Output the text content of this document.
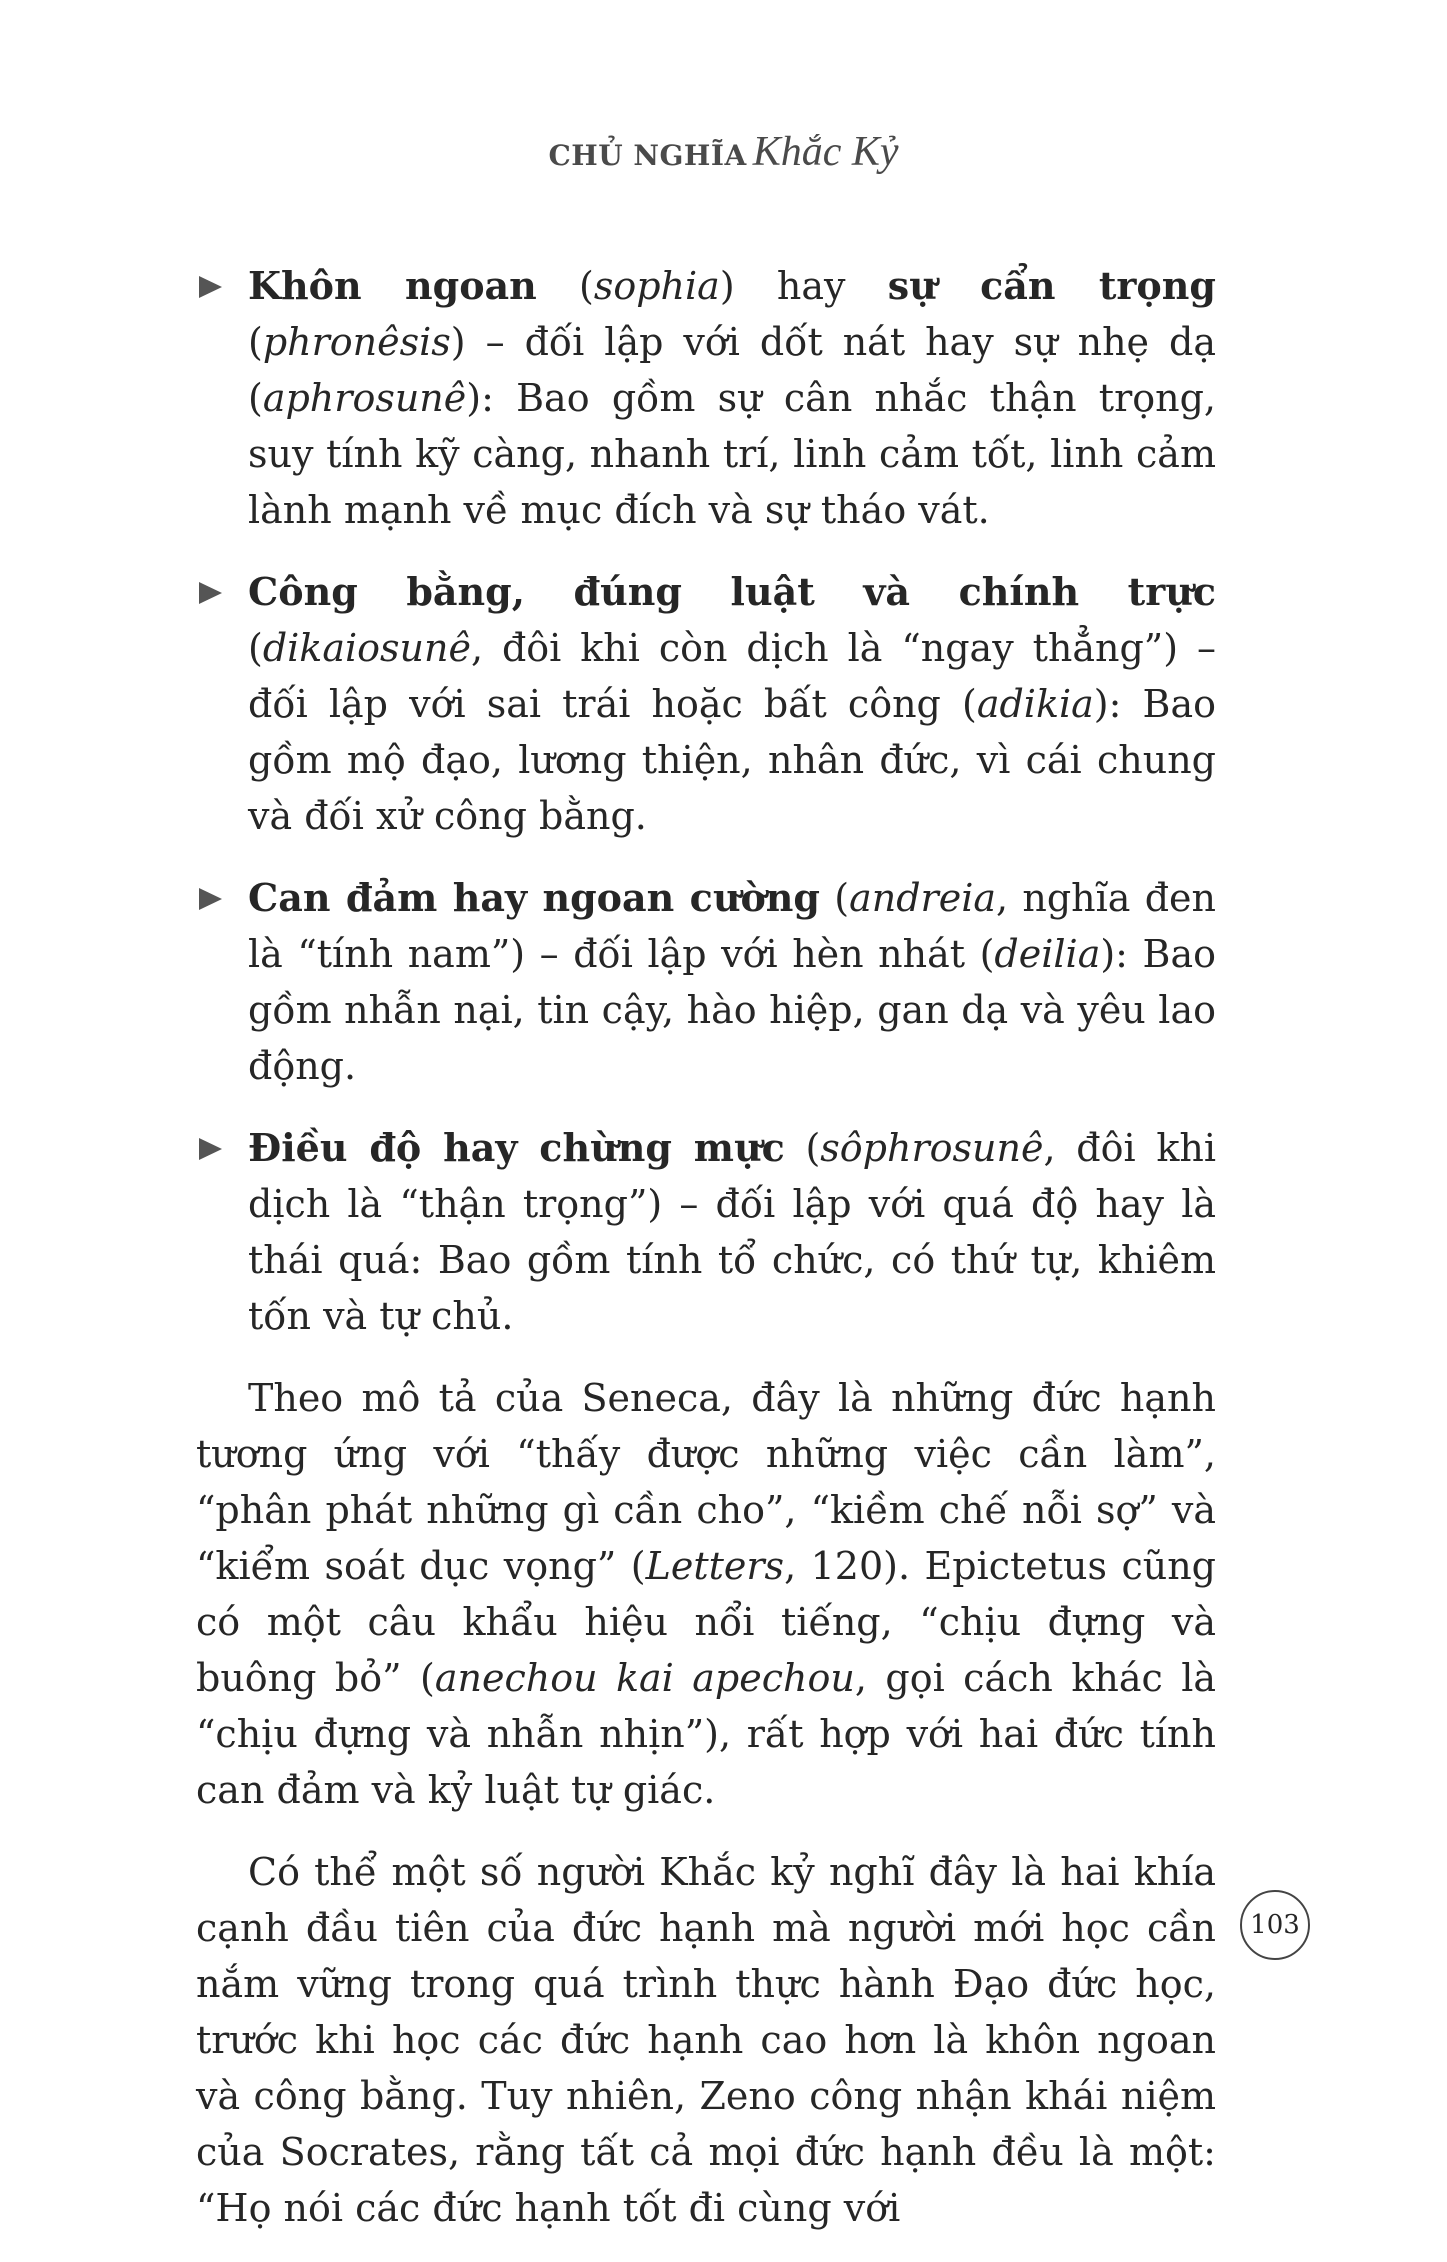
CHỦ NGHĨA Khắc Kỷ
Khôn ngoan (sophia) hay sự cẩn trọng (phronêsis) – đối lập với dốt nát hay sự nhẹ dạ (aphrosunê): Bao gồm sự cân nhắc thận trọng, suy tính kỹ càng, nhanh trí, linh cảm tốt, linh cảm lành mạnh về mục đích và sự tháo vát.
Công bằng, đúng luật và chính trực (dikaiosunê, đôi khi còn dịch là “ngay thẳng”) – đối lập với sai trái hoặc bất công (adikia): Bao gồm mộ đạo, lương thiện, nhân đức, vì cái chung và đối xử công bằng.
Can đảm hay ngoan cường (andreia, nghĩa đen là “tính nam”) – đối lập với hèn nhát (deilia): Bao gồm nhẫn nại, tin cậy, hào hiệp, gan dạ và yêu lao động.
Điều độ hay chừng mực (sôphrosunê, đôi khi dịch là “thận trọng”) – đối lập với quá độ hay là thái quá: Bao gồm tính tổ chức, có thứ tự, khiêm tốn và tự chủ.

Theo mô tả của Seneca, đây là những đức hạnh tương ứng với “thấy được những việc cần làm”, “phân phát những gì cần cho”, “kiềm chế nỗi sợ” và “kiểm soát dục vọng” (Letters, 120). Epictetus cũng có một câu khẩu hiệu nổi tiếng, “chịu đựng và buông bỏ” (anechou kai apechou, gọi cách khác là “chịu đựng và nhẫn nhịn”), rất hợp với hai đức tính can đảm và kỷ luật tự giác.

Có thể một số người Khắc kỷ nghĩ đây là hai khía cạnh đầu tiên của đức hạnh mà người mới học cần nắm vững trong quá trình thực hành Đạo đức học, trước khi học các đức hạnh cao hơn là khôn ngoan và công bằng. Tuy nhiên, Zeno công nhận khái niệm của Socrates, rằng tất cả mọi đức hạnh đều là một: “Họ nói các đức hạnh tốt đi cùng với

103
